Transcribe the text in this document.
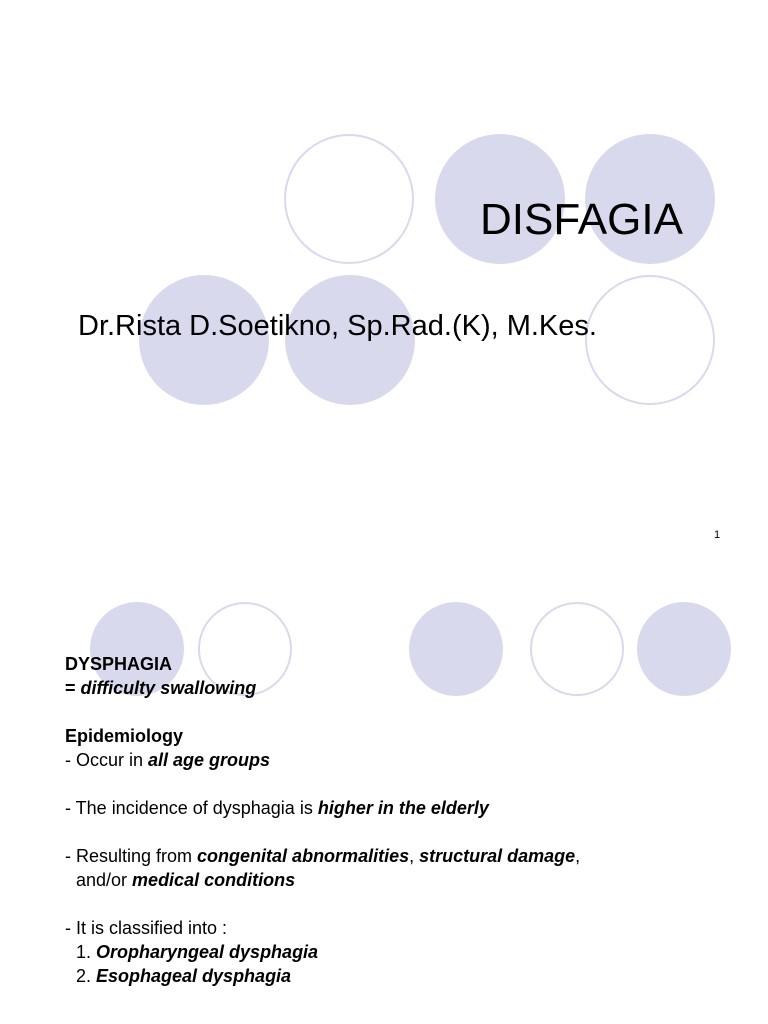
DISFAGIA
Dr.Rista D.Soetikno, Sp.Rad.(K), M.Kes.
1
DYSPHAGIA
= difficulty swallowing
Epidemiology
- Occur in all age groups
- The incidence of dysphagia is higher in the elderly
- Resulting from congenital abnormalities, structural damage,
and/or medical conditions
- It is classified into :
1. Oropharyngeal dysphagia
2. Esophageal dysphagia
